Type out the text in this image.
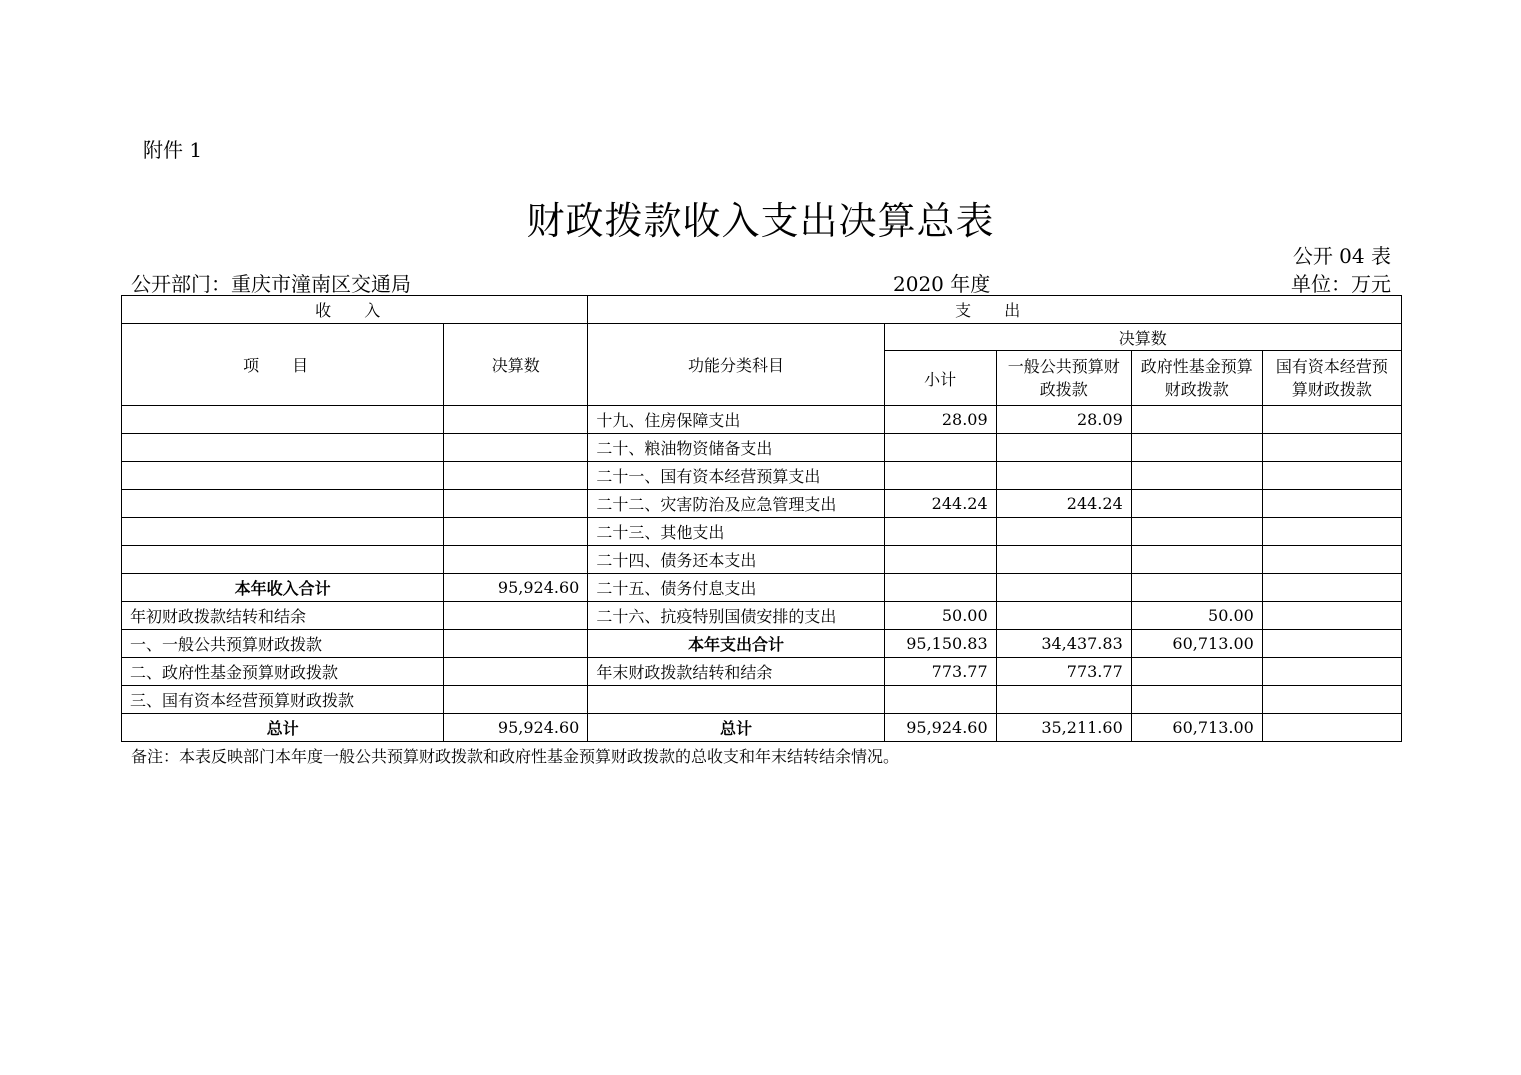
附件 1
财政拨款收入支出决算总表
公开 04 表
公开部门：重庆市潼南区交通局	2020 年度	单位：万元
收 入		支 出				
项 目	决算数	功能分类科目	决算数			
			小计	一般公共预算财政拨款	政府性基金预算财政拨款	国有资本经营预算财政拨款
		十九、住房保障支出	28.09	28.09		
		二十、粮油物资储备支出				
		二十一、国有资本经营预算支出				
		二十二、灾害防治及应急管理支出	244.24	244.24		
		二十三、其他支出				
		二十四、债务还本支出				
本年收入合计	95,924.60	二十五、债务付息支出				
年初财政拨款结转和结余		二十六、抗疫特别国债安排的支出	50.00		50.00	
一、一般公共预算财政拨款		本年支出合计	95,150.83	34,437.83	60,713.00	
二、政府性基金预算财政拨款		年末财政拨款结转和结余	773.77	773.77		
三、国有资本经营预算财政拨款						
总计	95,924.60	总计	95,924.60	35,211.60	60,713.00	
备注：本表反映部门本年度一般公共预算财政拨款和政府性基金预算财政拨款的总收支和年末结转结余情况。
